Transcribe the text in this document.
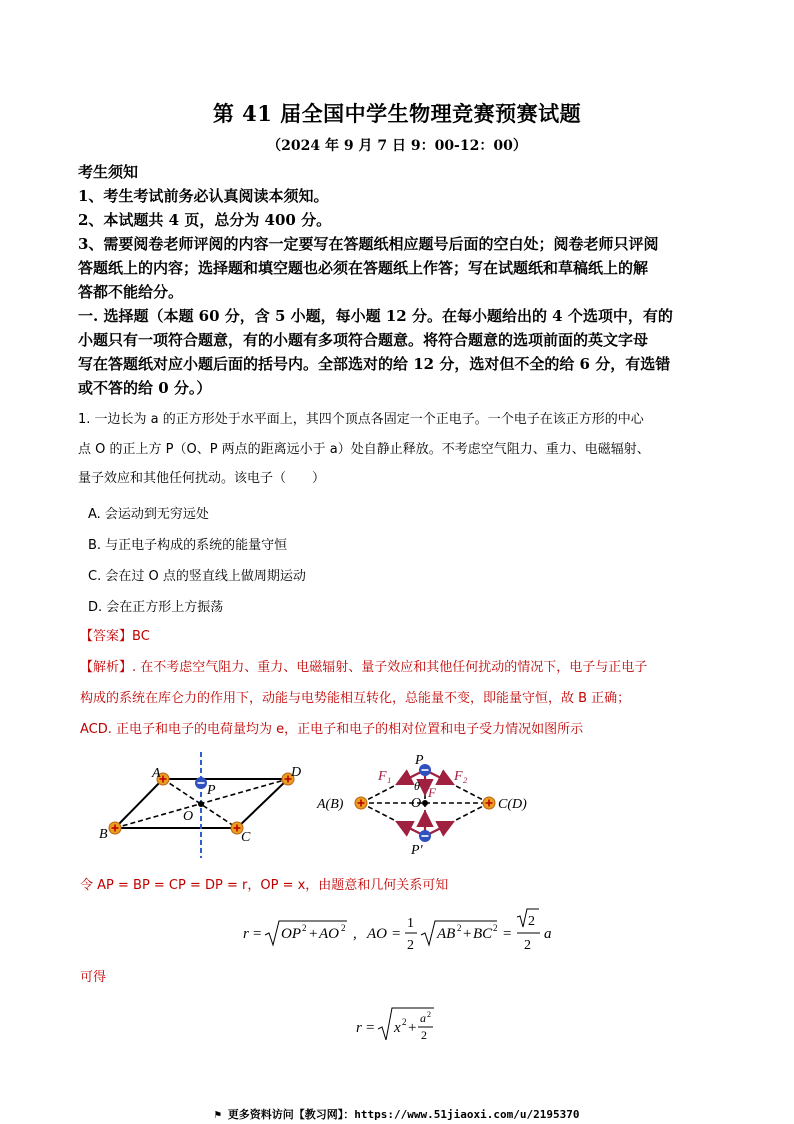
第 41 届全国中学生物理竞赛预赛试题
（2024 年 9 月 7 日 9：00-12：00）
考生须知
1、考生考试前务必认真阅读本须知。
2、本试题共 4 页，总分为 400 分。
3、需要阅卷老师评阅的内容一定要写在答题纸相应题号后面的空白处；阅卷老师只评阅
答题纸上的内容；选择题和填空题也必须在答题纸上作答；写在试题纸和草稿纸上的解
答都不能给分。
一. 选择题（本题 60 分，含 5 小题，每小题 12 分。在每小题给出的 4 个选项中，有的
小题只有一项符合题意，有的小题有多项符合题意。将符合题意的选项前面的英文字母
写在答题纸对应小题后面的括号内。全部选对的给 12 分，选对但不全的给 6 分，有选错
或不答的给 0 分。）
1. 一边长为 a 的正方形处于水平面上，其四个顶点各固定一个正电子。一个电子在该正方形的中心
点 O 的正上方 P（O、P 两点的距离远小于 a）处自静止释放。不考虑空气阻力、重力、电磁辐射、
量子效应和其他任何扰动。该电子（　　）
A. 会运动到无穷远处
B. 与正电子构成的系统的能量守恒
C. 会在过 O 点的竖直线上做周期运动
D. 会在正方形上方振荡
【答案】BC
【解析】. 在不考虑空气阻力、重力、电磁辐射、量子效应和其他任何扰动的情况下，电子与正电子
构成的系统在库仑力的作用下，动能与电势能相互转化，总能量不变，即能量守恒，故 B 正确；
ACD. 正电子和电子的电荷量均为 e，正电子和电子的相对位置和电子受力情况如图所示
A	D
C
B
P
O
P
P′
A(B)	C(D)
O
F₁	F₂
F
θ
令 AP = BP = CP = DP = r，OP = x，由题意和几何关系可知
r = OP 2 + AO 2 , AO =
1
2
AB 2 + BC 2 =
2
2
a
可得
r = x 2 +
a 2
2
⚑ 更多资料访问【教习网】：https://www.51jiaoxi.com/u/2195370
